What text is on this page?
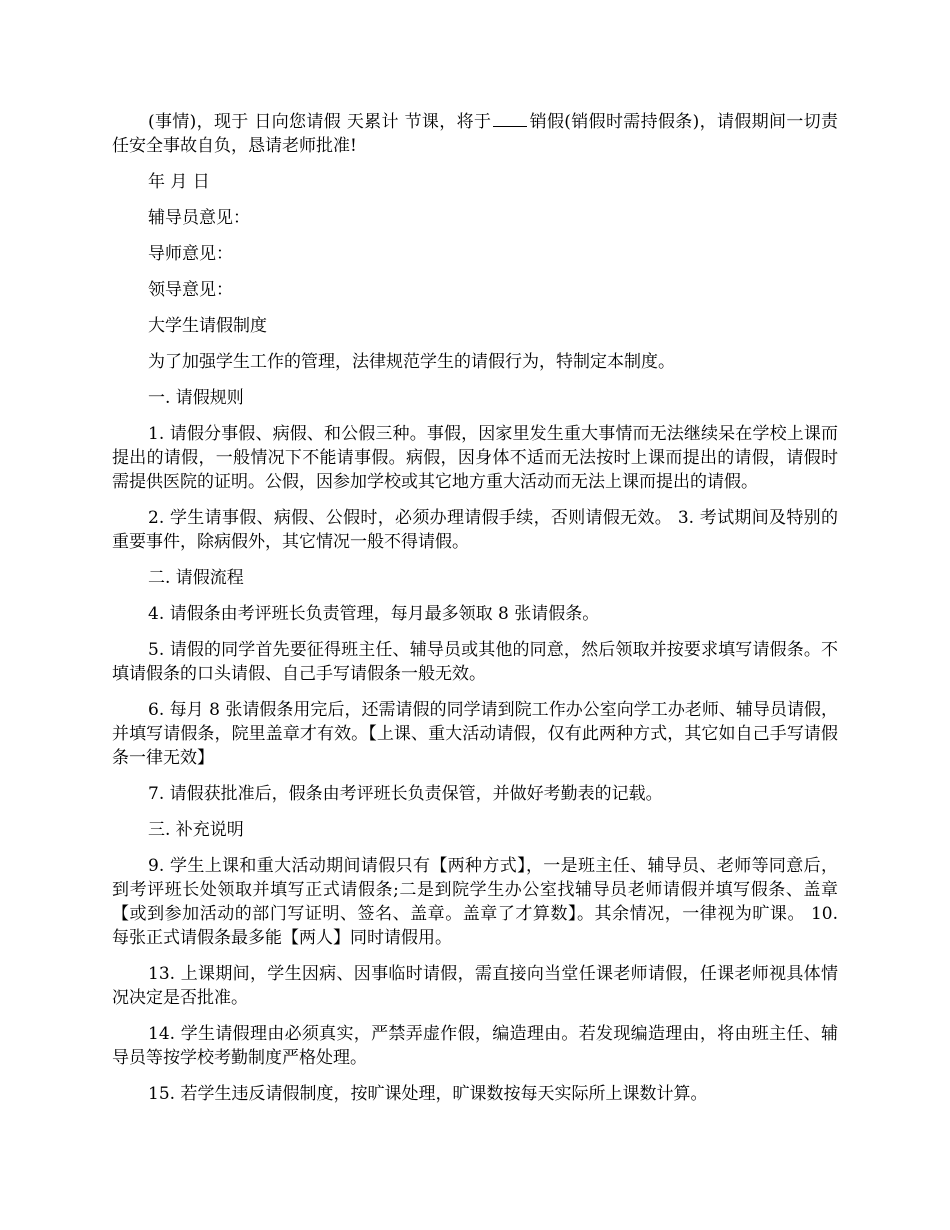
(事情)，现于 日向您请假 天累计 节课，将于 销假(销假时需持假条)，请假期间一切责任安全事故自负，恳请老师批准!

年 月 日

辅导员意见：

导师意见：

领导意见：

大学生请假制度

为了加强学生工作的管理，法律规范学生的请假行为，特制定本制度。

一. 请假规则

1. 请假分事假、病假、和公假三种。事假，因家里发生重大事情而无法继续呆在学校上课而提出的请假，一般情况下不能请事假。病假，因身体不适而无法按时上课而提出的请假，请假时需提供医院的证明。公假，因参加学校或其它地方重大活动而无法上课而提出的请假。

2. 学生请事假、病假、公假时，必须办理请假手续，否则请假无效。 3. 考试期间及特别的重要事件，除病假外，其它情况一般不得请假。

二. 请假流程

4. 请假条由考评班长负责管理，每月最多领取 8 张请假条。

5. 请假的同学首先要征得班主任、辅导员或其他的同意，然后领取并按要求填写请假条。不填请假条的口头请假、自己手写请假条一般无效。

6. 每月 8 张请假条用完后，还需请假的同学请到院工作办公室向学工办老师、辅导员请假，并填写请假条，院里盖章才有效。【上课、重大活动请假，仅有此两种方式，其它如自己手写请假条一律无效】

7. 请假获批准后，假条由考评班长负责保管，并做好考勤表的记载。

三. 补充说明

9. 学生上课和重大活动期间请假只有【两种方式】，一是班主任、辅导员、老师等同意后，到考评班长处领取并填写正式请假条;二是到院学生办公室找辅导员老师请假并填写假条、盖章【或到参加活动的部门写证明、签名、盖章。盖章了才算数】。其余情况，一律视为旷课。 10. 每张正式请假条最多能【两人】同时请假用。

13. 上课期间，学生因病、因事临时请假，需直接向当堂任课老师请假，任课老师视具体情况决定是否批准。

14. 学生请假理由必须真实，严禁弄虚作假，编造理由。若发现编造理由，将由班主任、辅导员等按学校考勤制度严格处理。

15. 若学生违反请假制度，按旷课处理，旷课数按每天实际所上课数计算。
